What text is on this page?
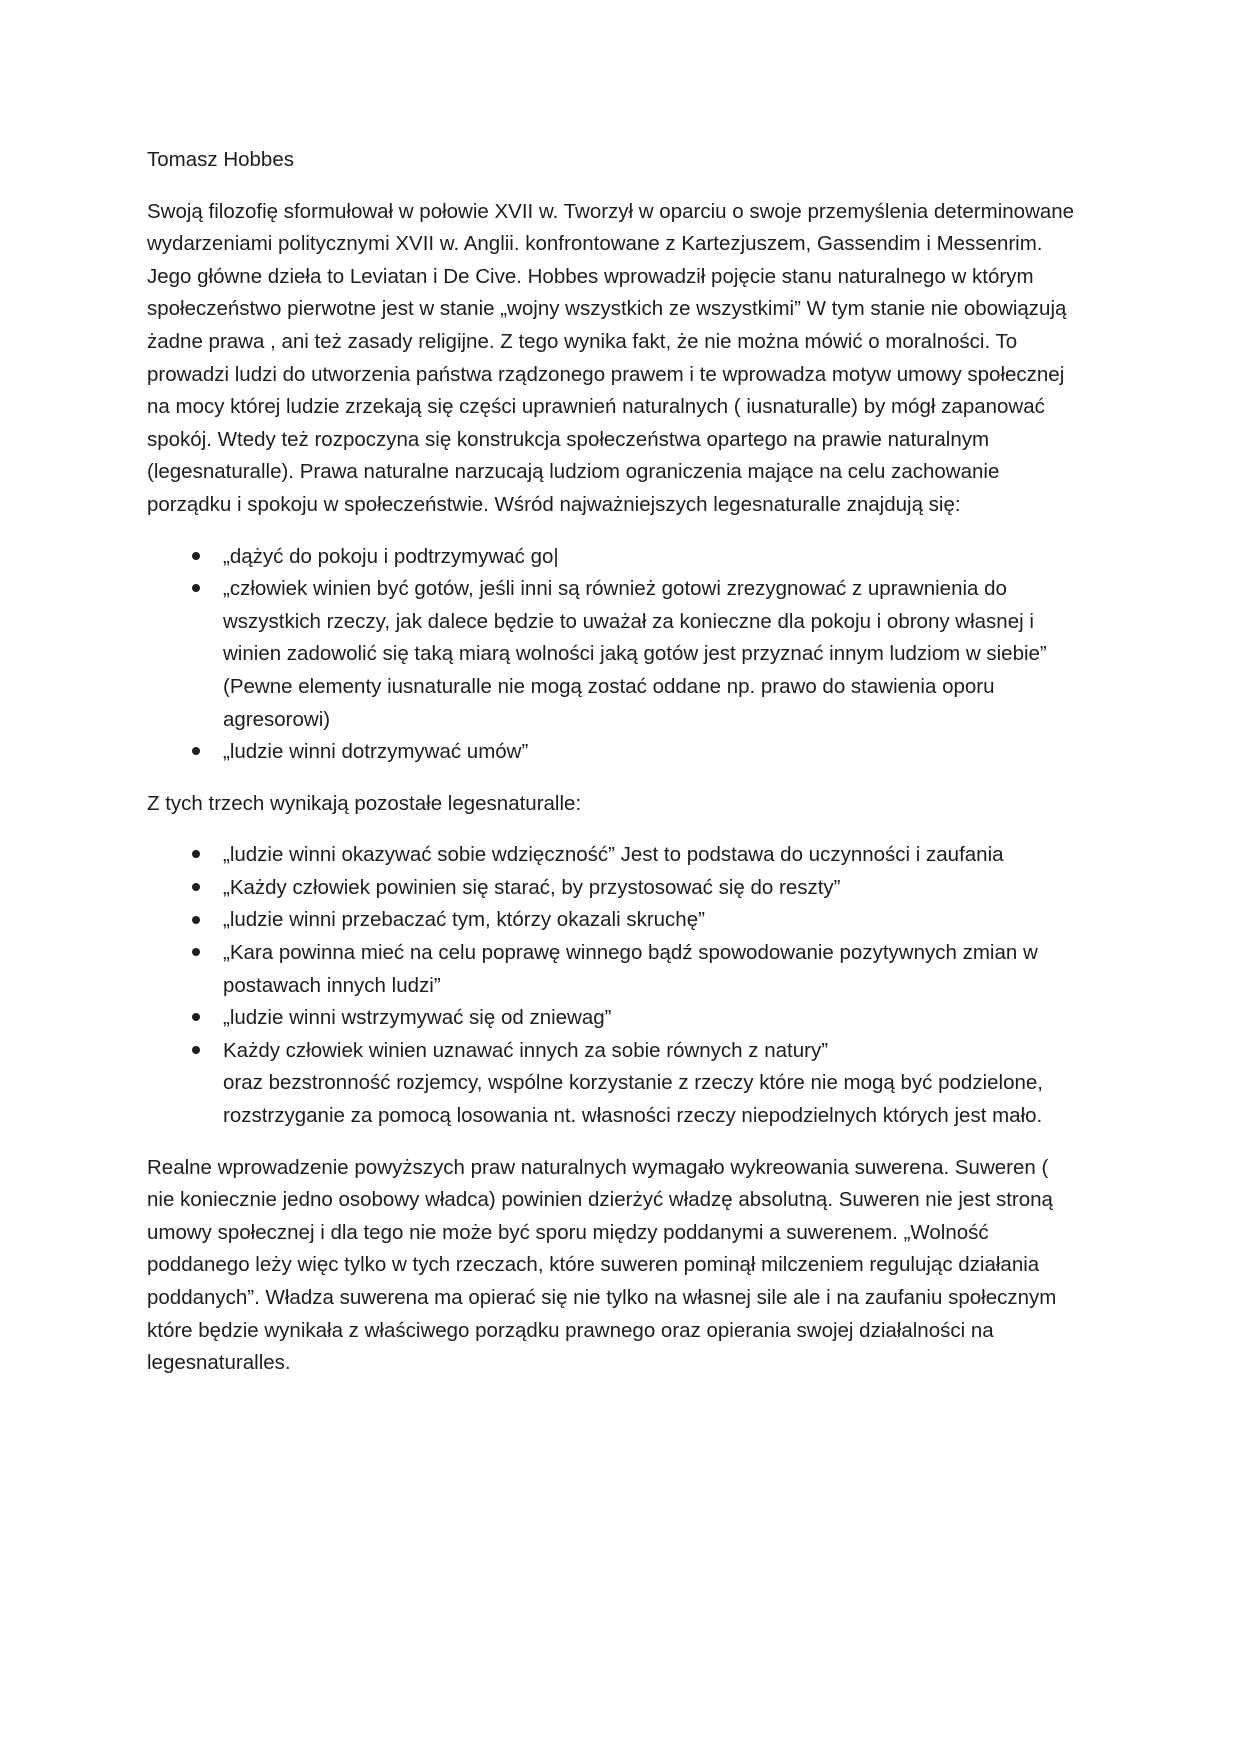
Tomasz Hobbes

Swoją filozofię sformułował w połowie XVII w. Tworzył w oparciu o swoje przemyślenia determinowane wydarzeniami politycznymi XVII w. Anglii. konfrontowane z Kartezjuszem, Gassendim i Messenrim. Jego główne dzieła to Leviatan i De Cive. Hobbes wprowadził pojęcie stanu naturalnego w którym społeczeństwo pierwotne jest w stanie „wojny wszystkich ze wszystkimi” W tym stanie nie obowiązują żadne prawa , ani też zasady religijne. Z tego wynika fakt, że nie można mówić o moralności. To prowadzi ludzi do utworzenia państwa rządzonego prawem i te wprowadza motyw umowy społecznej na mocy której ludzie zrzekają się części uprawnień naturalnych ( iusnaturalle) by mógł zapanować spokój. Wtedy też rozpoczyna się konstrukcja społeczeństwa opartego na prawie naturalnym (legesnaturalle). Prawa naturalne narzucają ludziom ograniczenia mające na celu zachowanie porządku i spokoju w społeczeństwie. Wśród najważniejszych legesnaturalle znajdują się:

„dążyć do pokoju i podtrzymywać go|
„człowiek winien być gotów, jeśli inni są również gotowi zrezygnować z uprawnienia do wszystkich rzeczy, jak dalece będzie to uważał za konieczne dla pokoju i obrony własnej i winien zadowolić się taką miarą wolności jaką gotów jest przyznać innym ludziom w siebie” (Pewne elementy iusnaturalle nie mogą zostać oddane np. prawo do stawienia oporu agresorowi)
„ludzie winni dotrzymywać umów”

Z tych trzech wynikają pozostałe legesnaturalle:

„ludzie winni okazywać sobie wdzięczność” Jest to podstawa do uczynności i zaufania
„Każdy człowiek powinien się starać, by przystosować się do reszty”
„ludzie winni przebaczać tym, którzy okazali skruchę”
„Kara powinna mieć na celu poprawę winnego bądź spowodowanie pozytywnych zmian w postawach innych ludzi”
„ludzie winni wstrzymywać się od zniewag”
Każdy człowiek winien uznawać innych za sobie równych z natury”
oraz bezstronność rozjemcy, wspólne korzystanie z rzeczy które nie mogą być podzielone, rozstrzyganie za pomocą losowania nt. własności rzeczy niepodzielnych których jest mało.

Realne wprowadzenie powyższych praw naturalnych wymagało wykreowania suwerena. Suweren ( nie koniecznie jedno osobowy władca) powinien dzierżyć władzę absolutną. Suweren nie jest stroną umowy społecznej i dla tego nie może być sporu między poddanymi a suwerenem. „Wolność poddanego leży więc tylko w tych rzeczach, które suweren pominął milczeniem regulując działania poddanych”. Władza suwerena ma opierać się nie tylko na własnej sile ale i na zaufaniu społecznym które będzie wynikała z właściwego porządku prawnego oraz opierania swojej działalności na legesnaturalles.
